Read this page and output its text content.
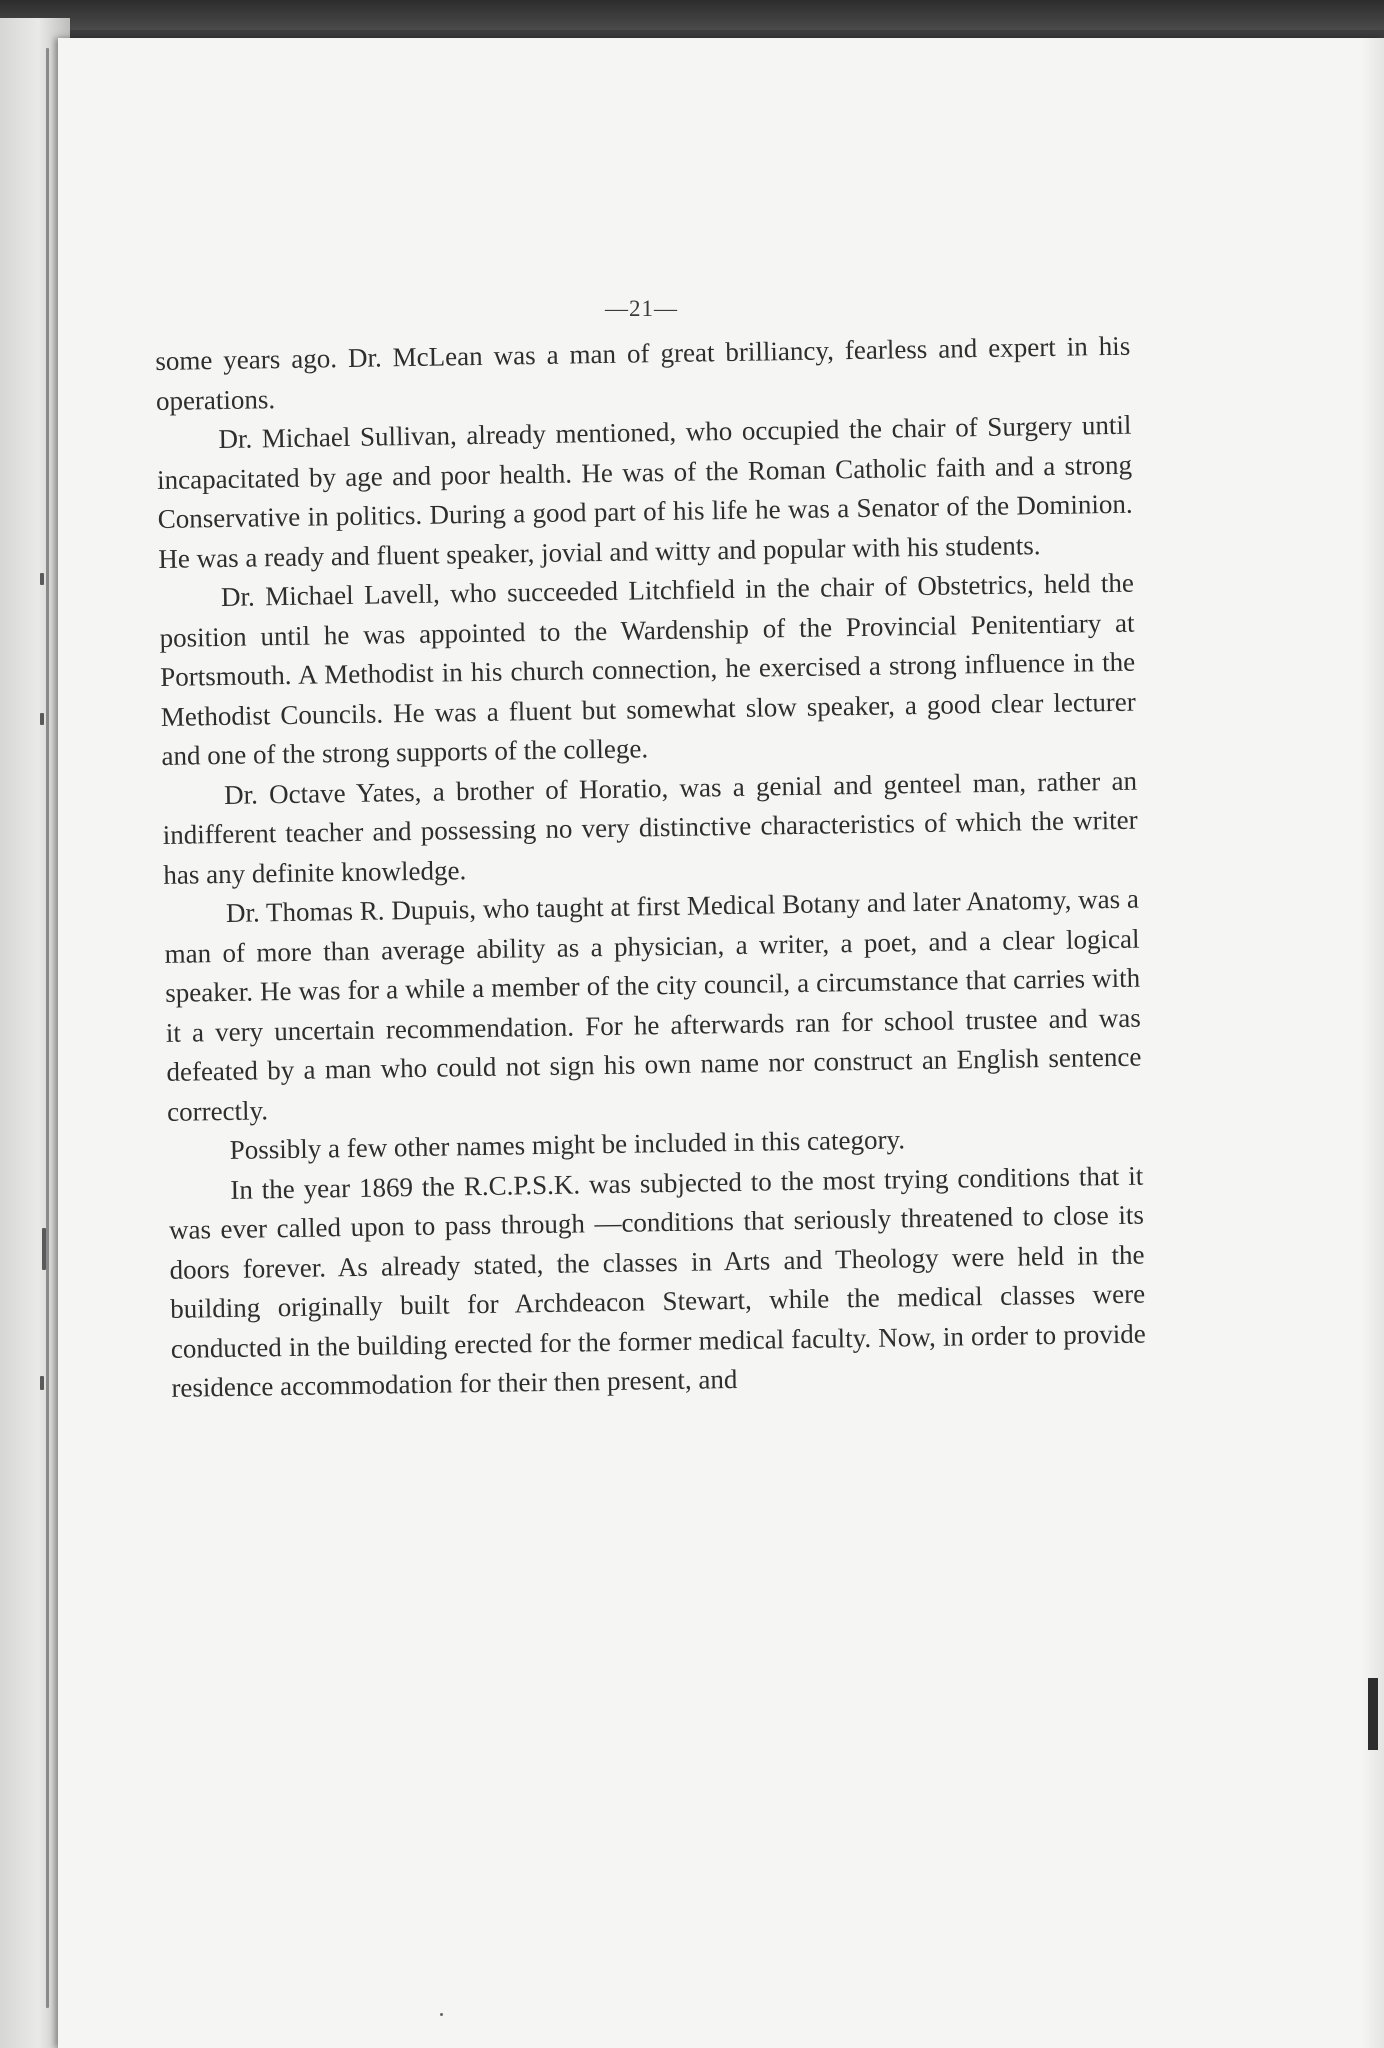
—21—

some years ago. Dr. McLean was a man of great brilliancy, fearless and expert in his operations.

Dr. Michael Sullivan, already mentioned, who occupied the chair of Surgery until incapacitated by age and poor health. He was of the Roman Catholic faith and a strong Conservative in politics. During a good part of his life he was a Senator of the Dominion. He was a ready and fluent speaker, jovial and witty and popular with his students.

Dr. Michael Lavell, who succeeded Litchfield in the chair of Obstetrics, held the position until he was appointed to the Wardenship of the Provincial Penitentiary at Portsmouth. A Methodist in his church connection, he exercised a strong influence in the Methodist Councils. He was a fluent but somewhat slow speaker, a good clear lecturer and one of the strong supports of the college.

Dr. Octave Yates, a brother of Horatio, was a genial and genteel man, rather an indifferent teacher and possessing no very distinctive characteristics of which the writer has any definite knowledge.

Dr. Thomas R. Dupuis, who taught at first Medical Botany and later Anatomy, was a man of more than average ability as a physician, a writer, a poet, and a clear logical speaker. He was for a while a member of the city council, a circumstance that carries with it a very uncertain recommendation. For he afterwards ran for school trustee and was defeated by a man who could not sign his own name nor construct an English sentence correctly.

Possibly a few other names might be included in this category.

In the year 1869 the R.C.P.S.K. was subjected to the most trying conditions that it was ever called upon to pass through —conditions that seriously threatened to close its doors forever. As already stated, the classes in Arts and Theology were held in the building originally built for Archdeacon Stewart, while the medical classes were conducted in the building erected for the former medical faculty. Now, in order to provide residence accommodation for their then present, and
